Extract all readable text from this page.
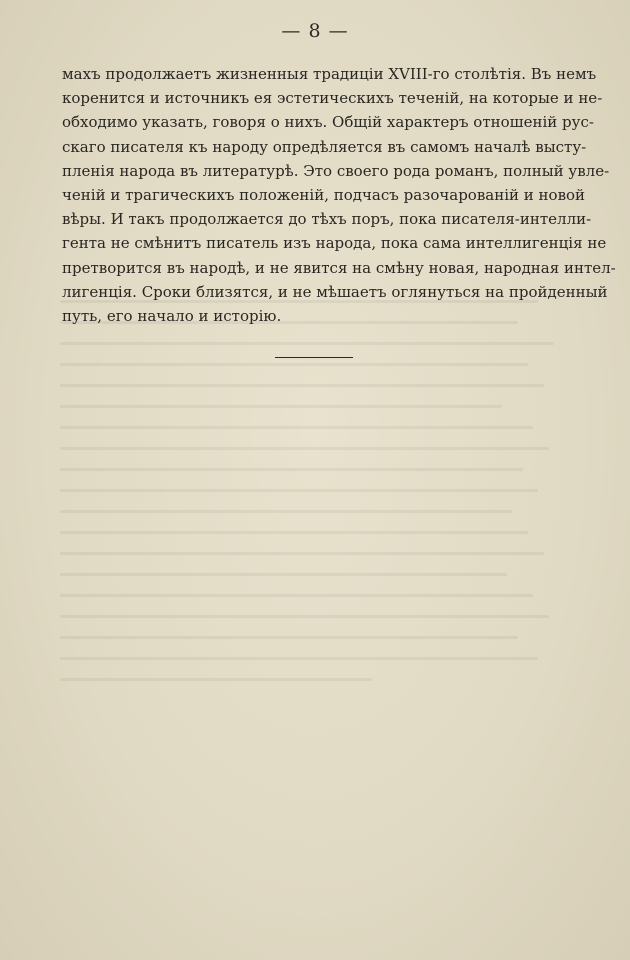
— 8 —
махъ продолжаетъ жизненныя традиціи XVIII-го столѣтія. Въ немъ
коренится и источникъ ея эстетическихъ теченій, на которые и не-
обходимо указать, говоря о нихъ. Общій характеръ отношеній рус-
скаго писателя къ народу опредѣляется въ самомъ началѣ высту-
пленія народа въ литературѣ. Это своего рода романъ, полный увле-
ченій и трагическихъ положеній, подчасъ разочарованій и новой
вѣры. И такъ продолжается до тѣхъ поръ, пока писателя-интелли-
гента не смѣнитъ писатель изъ народа, пока сама интеллигенція не
претворится въ народѣ, и не явится на смѣну новая, народная интел-
лигенція. Сроки близятся, и не мѣшаетъ оглянуться на пройденный
путь, его начало и исторію.
